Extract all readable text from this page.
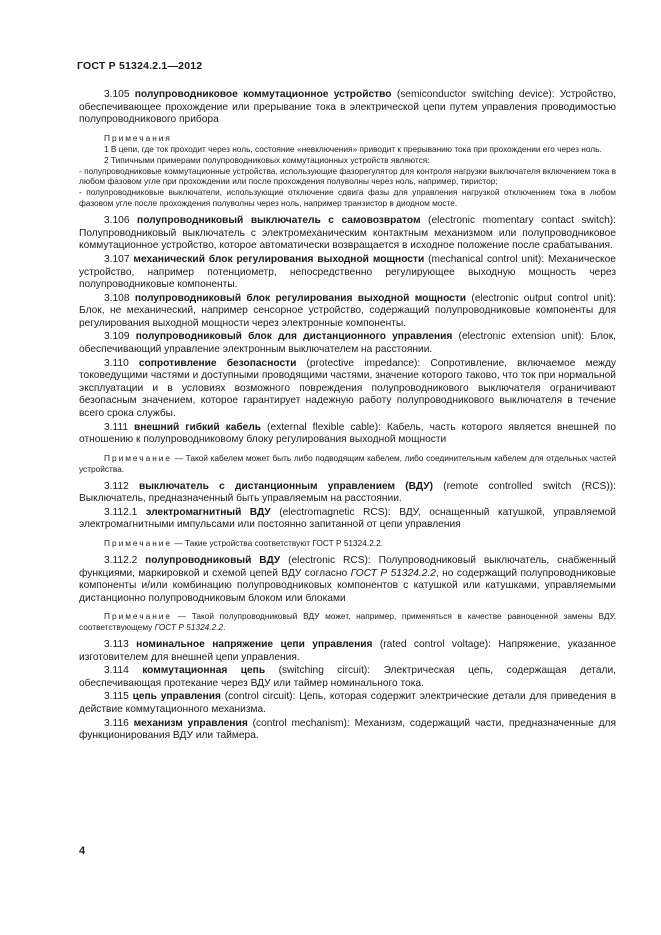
ГОСТ Р 51324.2.1—2012

3.105 полупроводниковое коммутационное устройство (semiconductor switching device): Устройство, обеспечивающее прохождение или прерывание тока в электрической цепи путем управления проводимостью полупроводникового прибора

Примечания

1 В цепи, где ток проходит через ноль, состояние «невключения» приводит к прерыванию тока при прохождении его через ноль.

2 Типичными примерами полупроводниковых коммутационных устройств являются:

- полупроводниковые коммутационные устройства, использующие фазорегулятор для контроля нагрузки выключателя включением тока в любом фазовом угле при прохождении или после прохождения полуволны через ноль, например, тиристор;

- полупроводниковые выключатели, использующие отключение сдвига фазы для управления нагрузкой отключением тока в любом фазовом угле после прохождения полуволны через ноль, например транзистор в диодном мосте.

3.106 полупроводниковый выключатель с самовозвратом (electronic momentary contact switch): Полупроводниковый выключатель с электромеханическим контактным механизмом или полупроводниковое коммутационное устройство, которое автоматически возвращается в исходное положение после срабатывания.

3.107 механический блок регулирования выходной мощности (mechanical control unit): Механическое устройство, например потенциометр, непосредственно регулирующее выходную мощность через полупроводниковые компоненты.

3.108 полупроводниковый блок регулирования выходной мощности (electronic output control unit): Блок, не механический, например сенсорное устройство, содержащий полупроводниковые компоненты для регулирования выходной мощности через электронные компоненты.

3.109 полупроводниковый блок для дистанционного управления (electronic extension unit): Блок, обеспечивающий управление электронным выключателем на расстоянии.

3.110 сопротивление безопасности (protective impedance): Сопротивление, включаемое между токоведущими частями и доступными проводящими частями, значение которого таково, что ток при нормальной эксплуатации и в условиях возможного повреждения полупроводникового выключателя ограничивают безопасным значением, которое гарантирует надежную работу полупроводникового выключателя в течение всего срока службы.

3.111 внешний гибкий кабель (external flexible cable): Кабель, часть которого является внешней по отношению к полупроводниковому блоку регулирования выходной мощности

Примечание — Такой кабелем может быть либо подводящим кабелем, либо соединительным кабелем для отдельных частей устройства.

3.112 выключатель с дистанционным управлением (ВДУ) (remote controlled switch (RCS)): Выключатель, предназначенный быть управляемым на расстоянии.

3.112.1 электромагнитный ВДУ (electromagnetic RCS): ВДУ, оснащенный катушкой, управляемой электромагнитными импульсами или постоянно запитанной от цепи управления

Примечание — Такие устройства соответствуют ГОСТ Р 51324.2.2.

3.112.2 полупроводниковый ВДУ (electronic RCS): Полупроводниковый выключатель, снабженный функциями, маркировкой и схемой цепей ВДУ согласно ГОСТ Р 51324.2.2, но содержащий полупроводниковые компоненты и/или комбинацию полупроводниковых компонентов с катушкой или катушками, управляемыми дистанционно полупроводниковым блоком или блоками

Примечание — Такой полупроводниковый ВДУ может, например, применяться в качестве равноценной замены ВДУ, соответствующему ГОСТ Р 51324.2.2.

3.113 номинальное напряжение цепи управления (rated control voltage): Напряжение, указанное изготовителем для внешней цепи управления.

3.114 коммутационная цепь (switching circuit): Электрическая цепь, содержащая детали, обеспечивающая протекание через ВДУ или таймер номинального тока.

3.115 цепь управления (control circuit): Цепь, которая содержит электрические детали для приведения в действие коммутационного механизма.

3.116 механизм управления (control mechanism): Механизм, содержащий части, предназначенные для функционирования ВДУ или таймера.

4
